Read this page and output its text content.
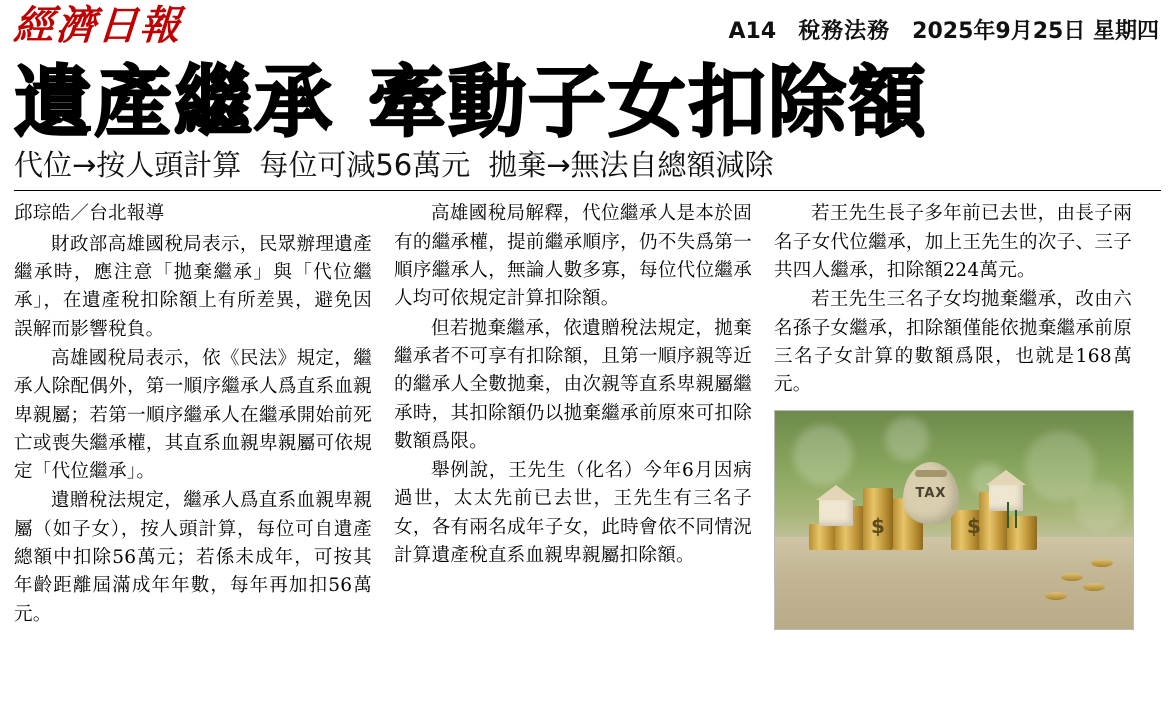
經濟日報	A14 稅務法務 2025年9月25日 星期四
遺產繼承 牽動子女扣除額
代位→按人頭計算 每位可減56萬元 拋棄→無法自總額減除

邱琮皓／台北報導

財政部高雄國稅局表示，民眾辦理遺產繼承時，應注意「拋棄繼承」與「代位繼承」，在遺產稅扣除額上有所差異，避免因誤解而影響稅負。

高雄國稅局表示，依《民法》規定，繼承人除配偶外，第一順序繼承人爲直系血親卑親屬；若第一順序繼承人在繼承開始前死亡或喪失繼承權，其直系血親卑親屬可依規定「代位繼承」。

遺贈稅法規定，繼承人爲直系血親卑親屬（如子女），按人頭計算，每位可自遺產總額中扣除56萬元；若係未成年，可按其年齡距離屆滿成年年數，每年再加扣56萬元。

高雄國稅局解釋，代位繼承人是本於固有的繼承權，提前繼承順序，仍不失爲第一順序繼承人，無論人數多寡，每位代位繼承人均可依規定計算扣除額。

但若拋棄繼承，依遺贈稅法規定，拋棄繼承者不可享有扣除額，且第一順序親等近的繼承人全數拋棄，由次親等直系卑親屬繼承時，其扣除額仍以拋棄繼承前原來可扣除數額爲限。

舉例說，王先生（化名）今年6月因病過世，太太先前已去世，王先生有三名子女，各有兩名成年子女，此時會依不同情況計算遺產稅直系血親卑親屬扣除額。

若王先生長子多年前已去世，由長子兩名子女代位繼承，加上王先生的次子、三子共四人繼承，扣除額224萬元。

若王先生三名子女均拋棄繼承，改由六名孫子女繼承，扣除額僅能依拋棄繼承前原三名子女計算的數額爲限，也就是168萬元。

TAX
$	$
